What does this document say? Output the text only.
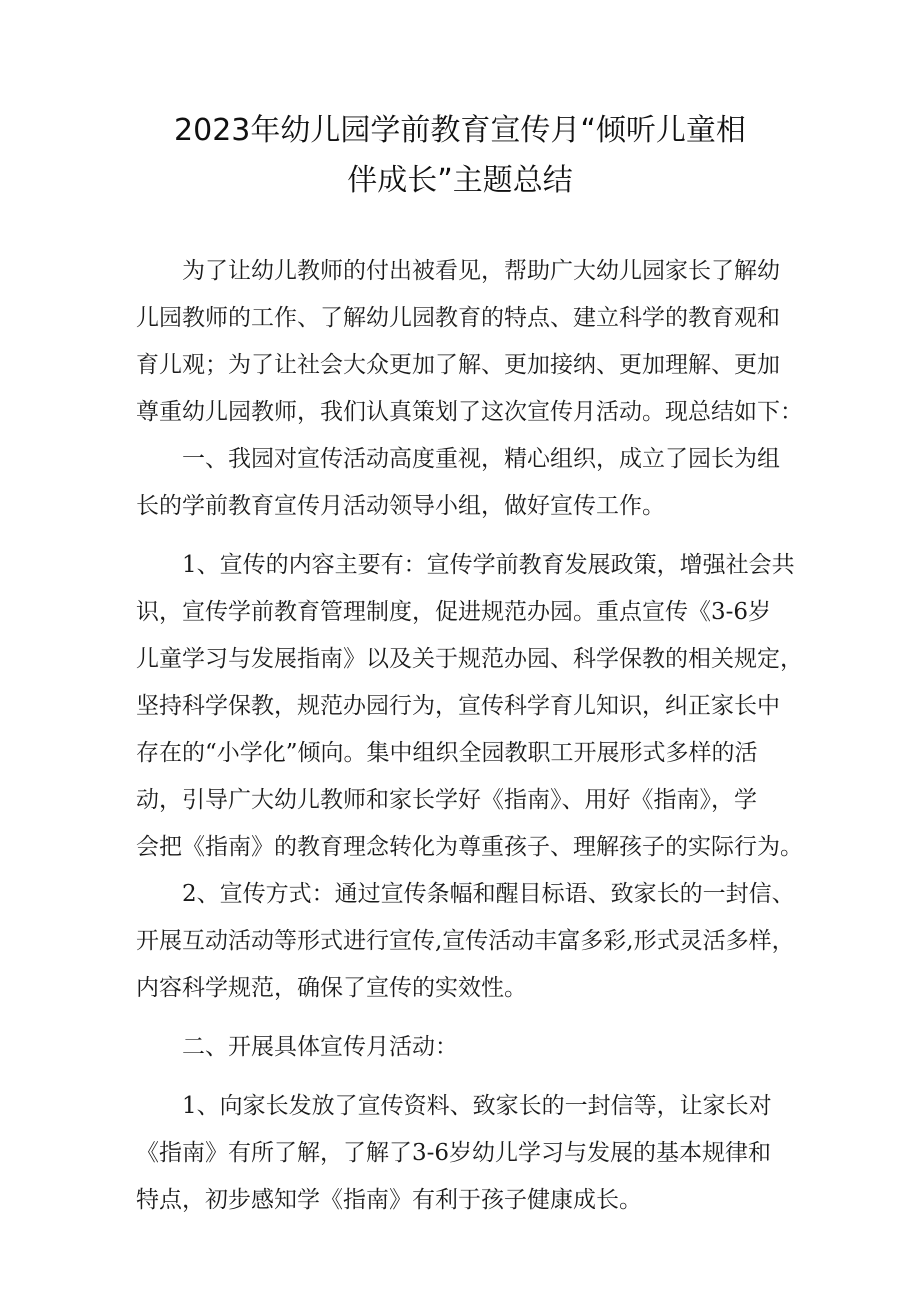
2023年幼儿园学前教育宣传月“倾听儿童相
伴成长”主题总结

为了让幼儿教师的付出被看见，帮助广大幼儿园家长了解幼
儿园教师的工作、了解幼儿园教育的特点、建立科学的教育观和
育儿观；为了让社会大众更加了解、更加接纳、更加理解、更加
尊重幼儿园教师，我们认真策划了这次宣传月活动。现总结如下：

一、我园对宣传活动高度重视，精心组织，成立了园长为组
长的学前教育宣传月活动领导小组，做好宣传工作。

1、宣传的内容主要有：宣传学前教育发展政策，增强社会共
识，宣传学前教育管理制度，促进规范办园。重点宣传《3-6岁
儿童学习与发展指南》以及关于规范办园、科学保教的相关规定，
坚持科学保教，规范办园行为，宣传科学育儿知识，纠正家长中
存在的“小学化”倾向。集中组织全园教职工开展形式多样的活
动，引导广大幼儿教师和家长学好《指南》、用好《指南》，学
会把《指南》的教育理念转化为尊重孩子、理解孩子的实际行为。

2、宣传方式：通过宣传条幅和醒目标语、致家长的一封信、
开展互动活动等形式进行宣传,宣传活动丰富多彩,形式灵活多样，
内容科学规范，确保了宣传的实效性。

二、开展具体宣传月活动：

1、向家长发放了宣传资料、致家长的一封信等，让家长对
《指南》有所了解，了解了3-6岁幼儿学习与发展的基本规律和
特点，初步感知学《指南》有利于孩子健康成长。
